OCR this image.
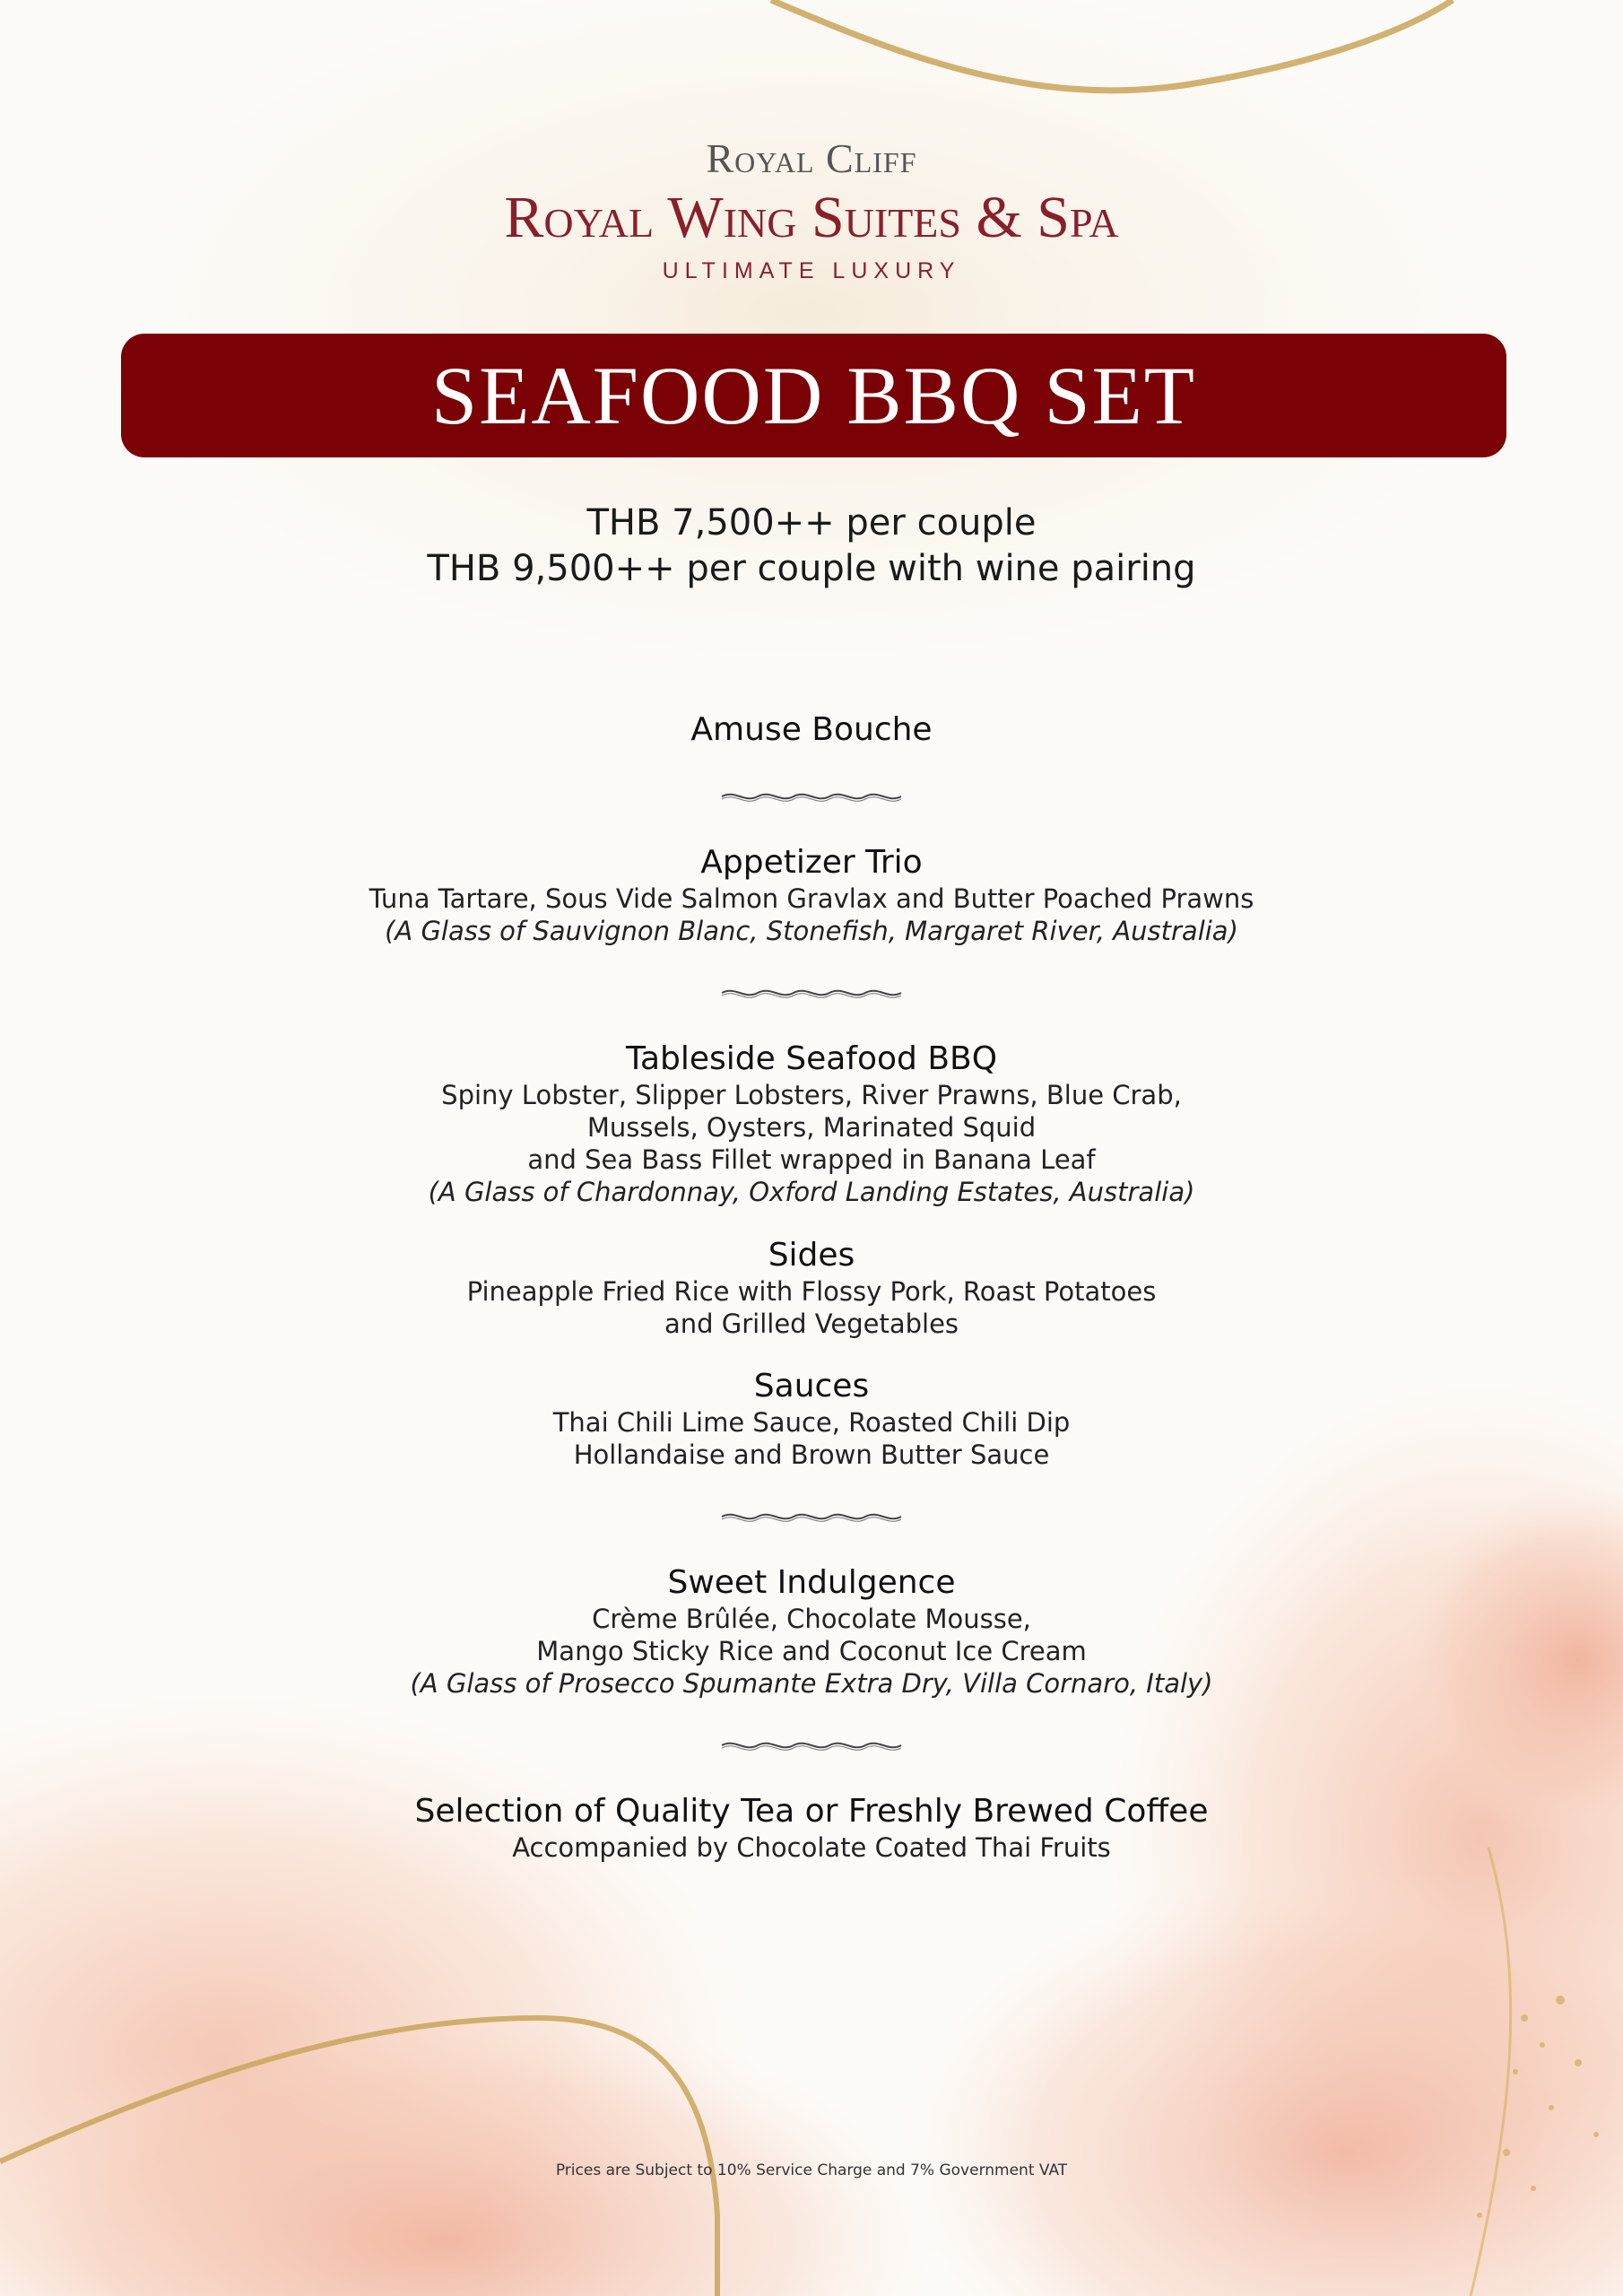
Royal Cliff
Royal Wing Suites & Spa
ULTIMATE LUXURY
SEAFOOD BBQ SET
THB 7,500++ per couple
THB 9,500++ per couple with wine pairing
Amuse Bouche
Appetizer Trio
Tuna Tartare, Sous Vide Salmon Gravlax and Butter Poached Prawns
(A Glass of Sauvignon Blanc, Stonefish, Margaret River, Australia)
Tableside Seafood BBQ
Spiny Lobster, Slipper Lobsters, River Prawns, Blue Crab,
Mussels, Oysters, Marinated Squid
and Sea Bass Fillet wrapped in Banana Leaf
(A Glass of Chardonnay, Oxford Landing Estates, Australia)
Sides
Pineapple Fried Rice with Flossy Pork, Roast Potatoes
and Grilled Vegetables
Sauces
Thai Chili Lime Sauce, Roasted Chili Dip
Hollandaise and Brown Butter Sauce
Sweet Indulgence
Crème Brûlée, Chocolate Mousse,
Mango Sticky Rice and Coconut Ice Cream
(A Glass of Prosecco Spumante Extra Dry, Villa Cornaro, Italy)
Selection of Quality Tea or Freshly Brewed Coffee
Accompanied by Chocolate Coated Thai Fruits
Prices are Subject to 10% Service Charge and 7% Government VAT
